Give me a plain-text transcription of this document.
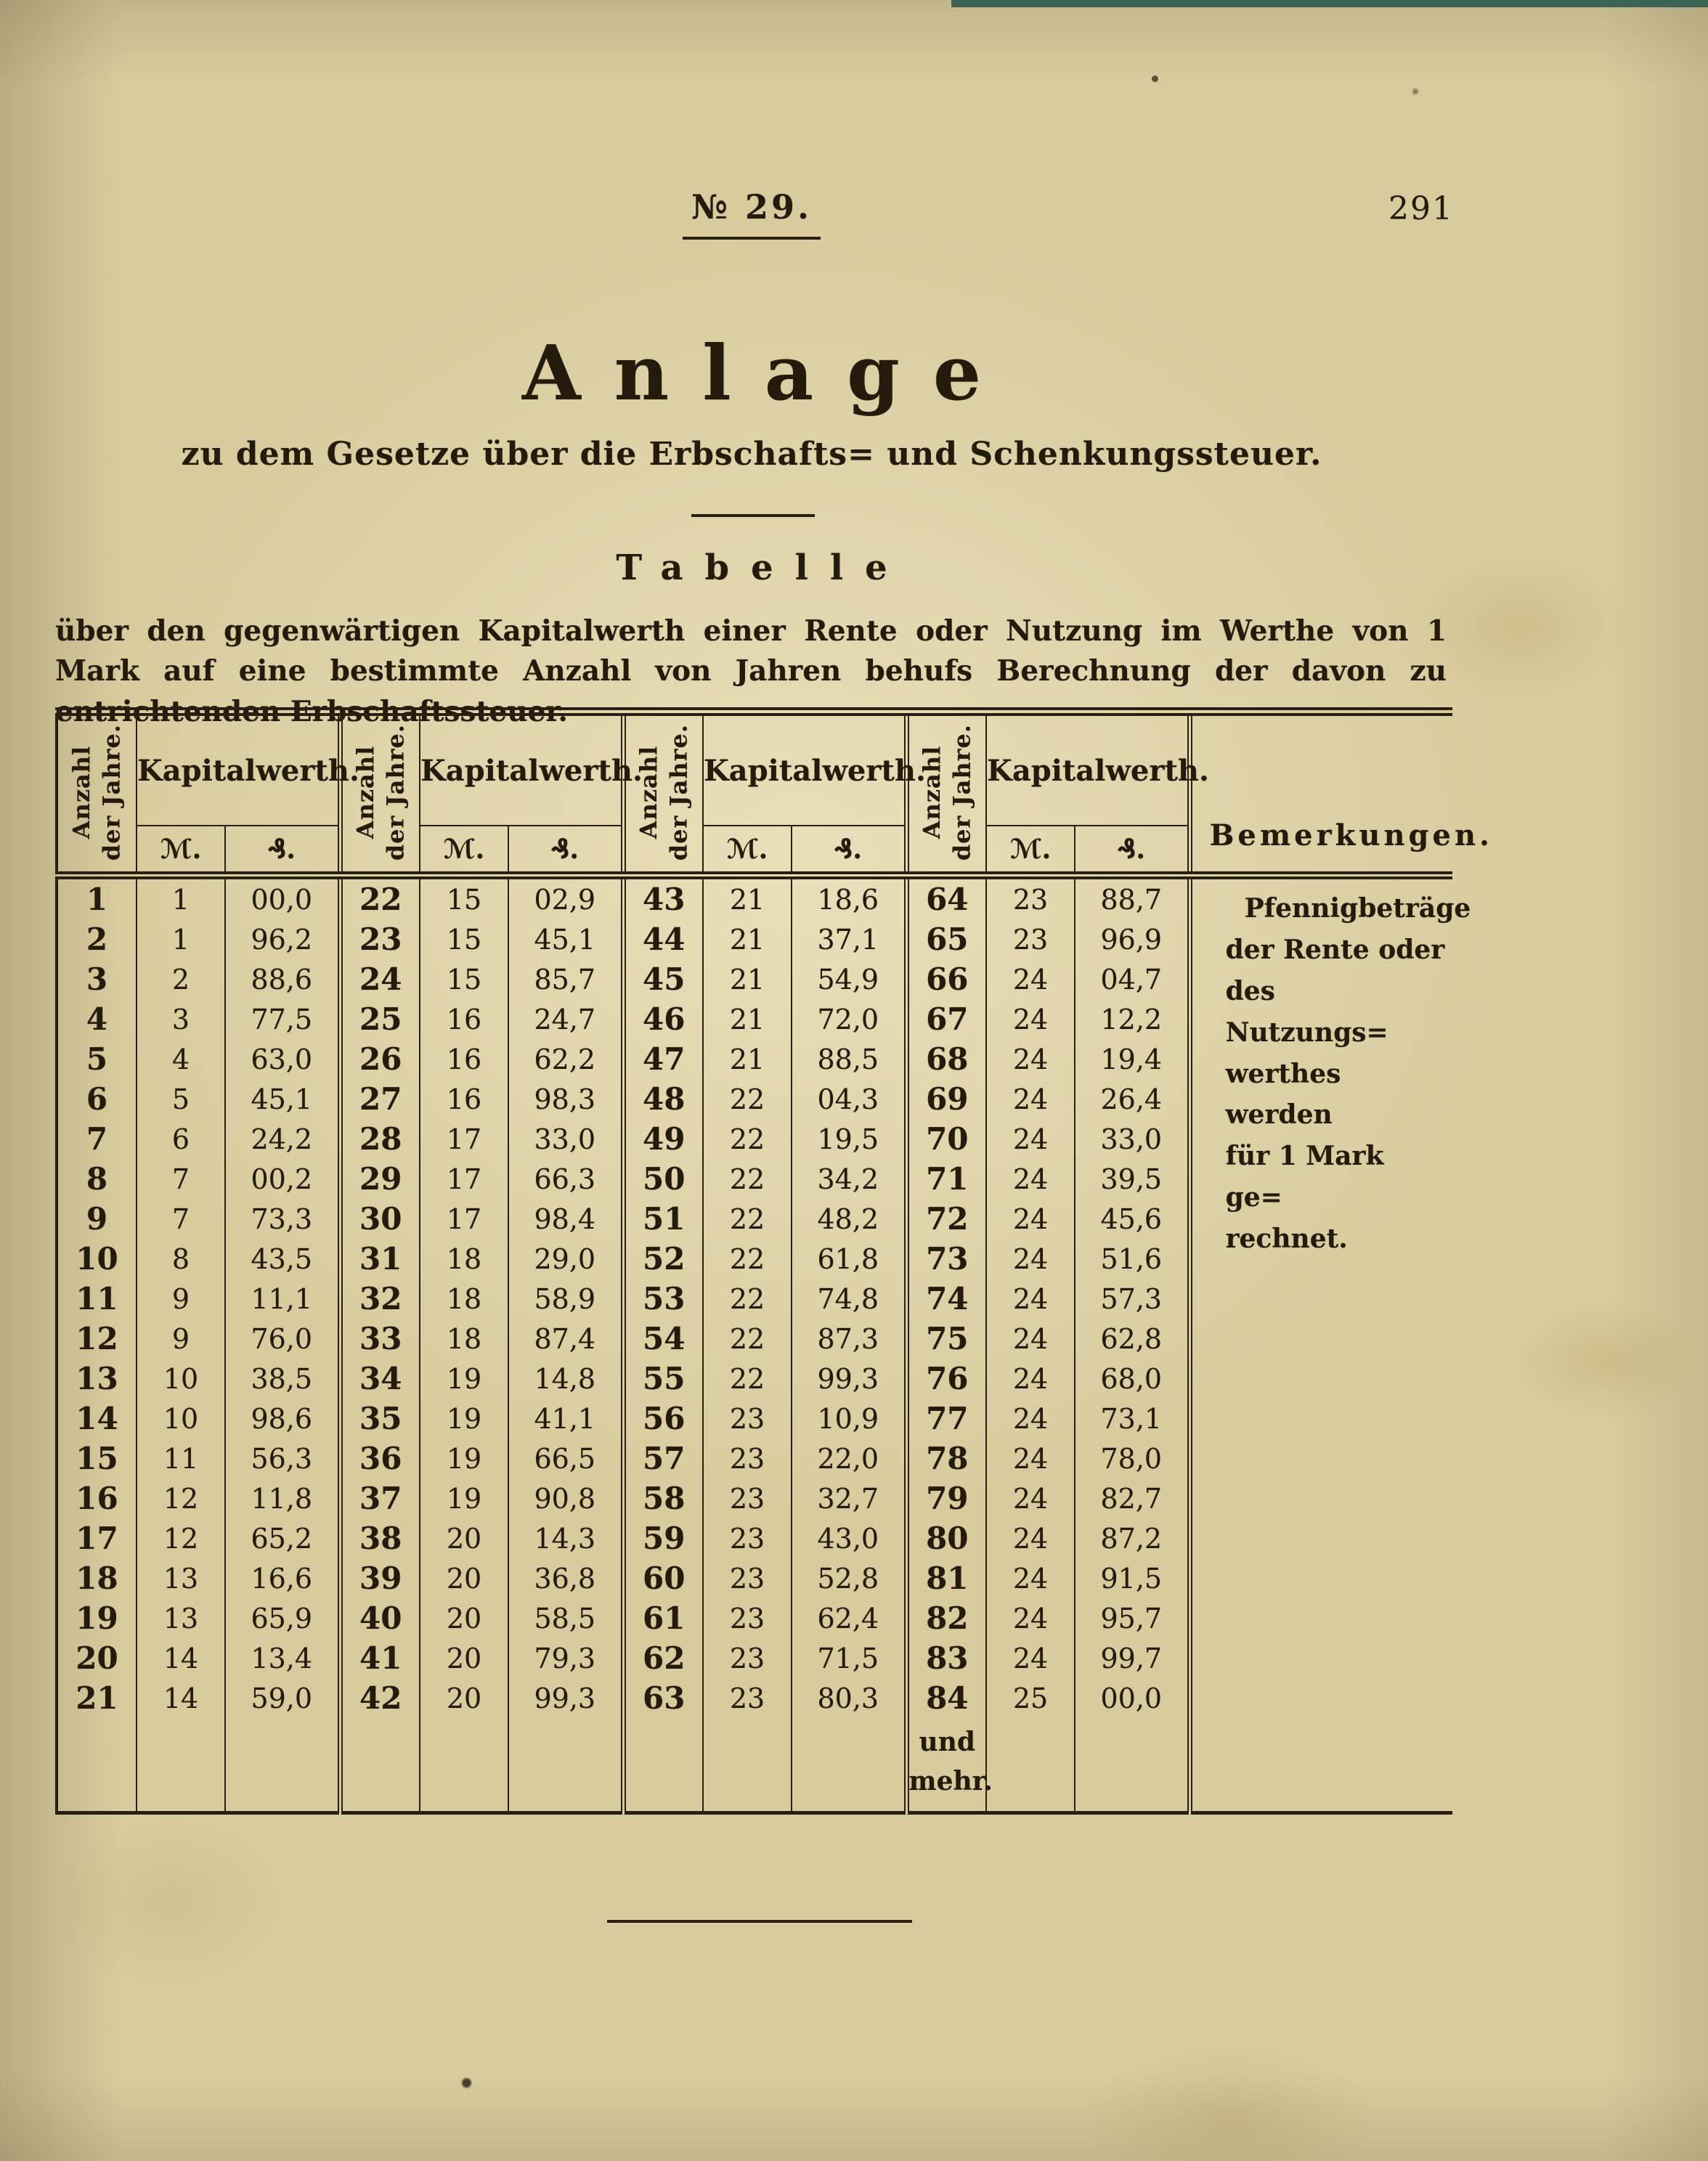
№ 29.	291
Anlage
zu dem Gesetze über die Erbschafts= und Schenkungssteuer.
Tabelle

über den gegenwärtigen Kapitalwerth einer Rente oder Nutzung im Werthe von 1 Mark auf eine bestimmte Anzahl von Jahren behufs Berechnung der davon zu entrichtenden Erbschaftssteuer.

Anzahl der Jahre.	Kapitalwerth.		Anzahl der Jahre.	Kapitalwerth.		Anzahl der Jahre.	Kapitalwerth.		Anzahl der Jahre.	Kapitalwerth.		Bemerkungen.
	ℳ.	₰.		ℳ.	₰.		ℳ.	₰.		ℳ.	₰.	
1	1	00,0	22	15	02,9	43	21	18,6	64	23	88,7	Pfennigbeträge
der Rente oder
des Nutzungs=
werthes werden
für 1 Mark ge=
rechnet.

2	1	96,2	23	15	45,1	44	21	37,1	65	23	96,9	
3	2	88,6	24	15	85,7	45	21	54,9	66	24	04,7	
4	3	77,5	25	16	24,7	46	21	72,0	67	24	12,2	
5	4	63,0	26	16	62,2	47	21	88,5	68	24	19,4	
6	5	45,1	27	16	98,3	48	22	04,3	69	24	26,4	
7	6	24,2	28	17	33,0	49	22	19,5	70	24	33,0	
8	7	00,2	29	17	66,3	50	22	34,2	71	24	39,5	
9	7	73,3	30	17	98,4	51	22	48,2	72	24	45,6	
10	8	43,5	31	18	29,0	52	22	61,8	73	24	51,6	
11	9	11,1	32	18	58,9	53	22	74,8	74	24	57,3	
12	9	76,0	33	18	87,4	54	22	87,3	75	24	62,8	
13	10	38,5	34	19	14,8	55	22	99,3	76	24	68,0	
14	10	98,6	35	19	41,1	56	23	10,9	77	24	73,1	
15	11	56,3	36	19	66,5	57	23	22,0	78	24	78,0	
16	12	11,8	37	19	90,8	58	23	32,7	79	24	82,7	
17	12	65,2	38	20	14,3	59	23	43,0	80	24	87,2	
18	13	16,6	39	20	36,8	60	23	52,8	81	24	91,5	
19	13	65,9	40	20	58,5	61	23	62,4	82	24	95,7	
20	14	13,4	41	20	79,3	62	23	71,5	83	24	99,7	
21	14	59,0	42	20	99,3	63	23	80,3	84	25	00,0	

									und
mehr.			
